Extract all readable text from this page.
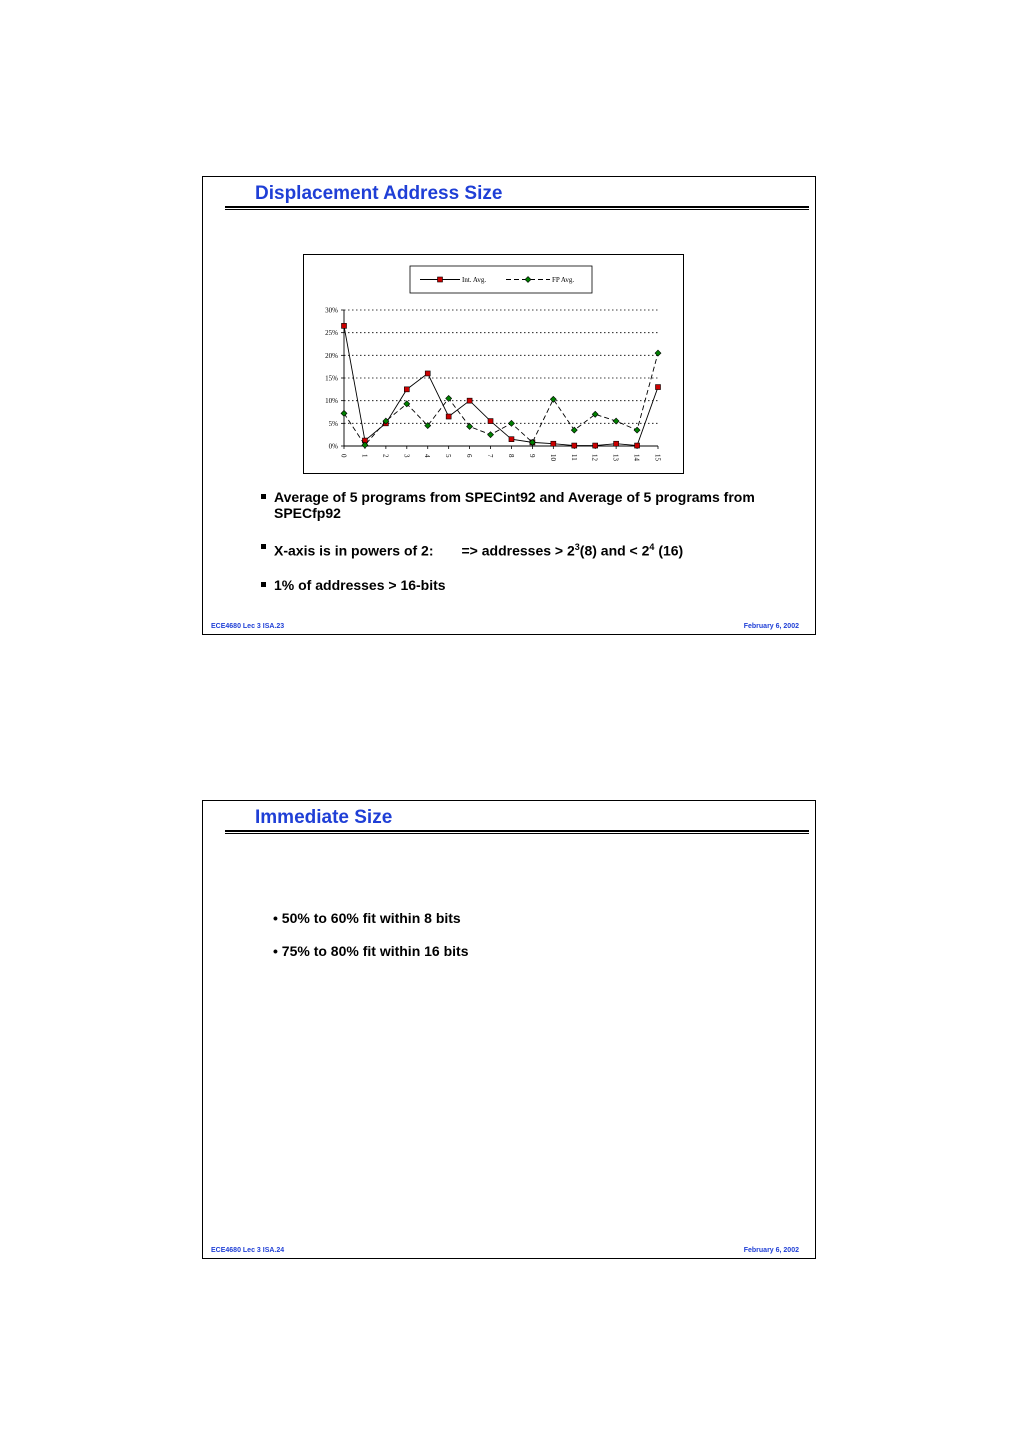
Displacement Address Size
0%
5%
10%
15%
20%
25%
30%
0 1 2 3 4 5 6 7 8 9 10 11 12 13 14 15
Int. Avg.	FP Avg.
Average of 5 programs from SPECint92 and Average of 5 programs from SPECfp92
X-axis is in powers of 2: => addresses > $2^3(8)$ and < $2^4$ (16)
1% of addresses > 16-bits
ECE4680 Lec 3 ISA.23	February 6, 2002
Immediate Size
• 50% to 60% fit within 8 bits
• 75% to 80% fit within 16 bits
ECE4680 Lec 3 ISA.24	February 6, 2002
